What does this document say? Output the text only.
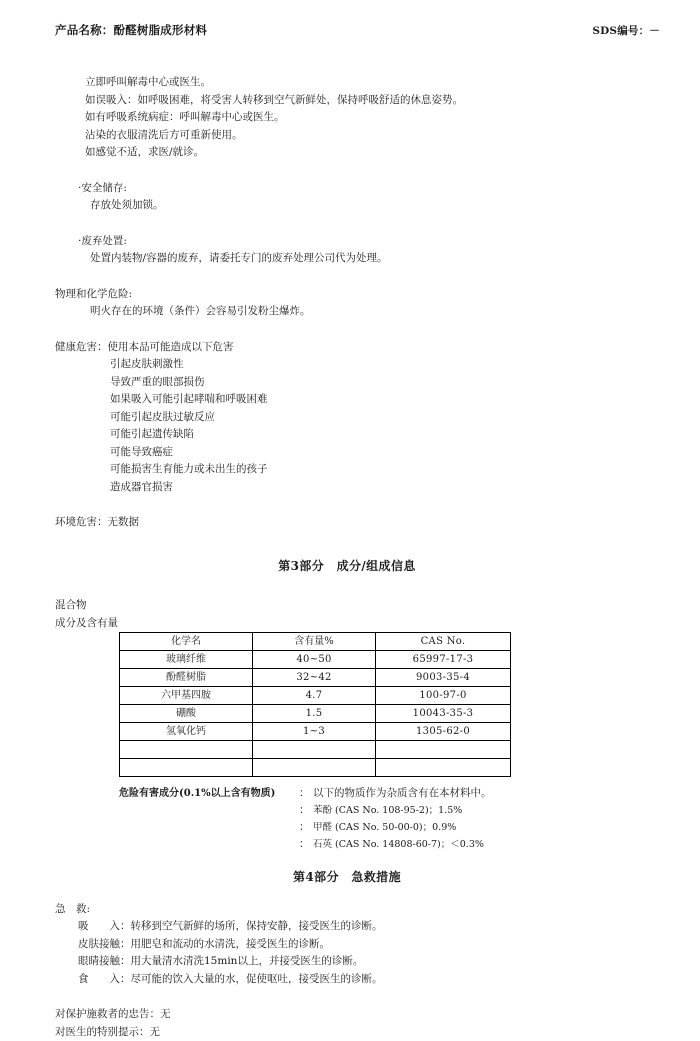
产品名称：酚醛树脂成形材料	SDS编号：－
立即呼叫解毒中心或医生。
如误吸入：如呼吸困难，将受害人转移到空气新鲜处，保持呼吸舒适的休息姿势。
如有呼吸系统病症：呼叫解毒中心或医生。
沾染的衣服清洗后方可重新使用。
如感觉不适，求医/就诊。
·安全储存:
存放处须加锁。
·废弃处置:
处置内装物/容器的废弃，请委托专门的废弃处理公司代为处理。
物理和化学危险:
明火存在的环境（条件）会容易引发粉尘爆炸。
健康危害： 使用本品可能造成以下危害
引起皮肤刺激性
导致严重的眼部损伤
如果吸入可能引起哮喘和呼吸困难
可能引起皮肤过敏反应
可能引起遗传缺陷
可能导致癌症
可能损害生育能力或未出生的孩子
造成器官损害
环境危害：无数据
第3部分　成分/组成信息
混合物
成分及含有量
化学名	含有量%	CAS No.
玻璃纤维	40~50	65997-17-3
酚醛树脂	32~42	9003-35-4
六甲基四胺	4.7	100-97-0
硼酸	1.5	10043-35-3
氢氧化钙	1~3	1305-62-0

危险有害成分(0.1%以上含有物质)	： 以下的物质作为杂质含有在本材料中。
： 苯酚 (CAS No. 108-95-2)；1.5%
： 甲醛 (CAS No. 50-00-0)；0.9%
： 石英 (CAS No. 14808-60-7)；＜0.3%
第4部分　急救措施
急　救:
吸　　入： 转移到空气新鲜的场所，保持安静，接受医生的诊断。
皮肤接触： 用肥皂和流动的水清洗，接受医生的诊断。
眼睛接触： 用大量清水清洗15min以上，并接受医生的诊断。
食　　入： 尽可能的饮入大量的水，促使呕吐，接受医生的诊断。
对保护施救者的忠告：无
对医生的特别提示：无
